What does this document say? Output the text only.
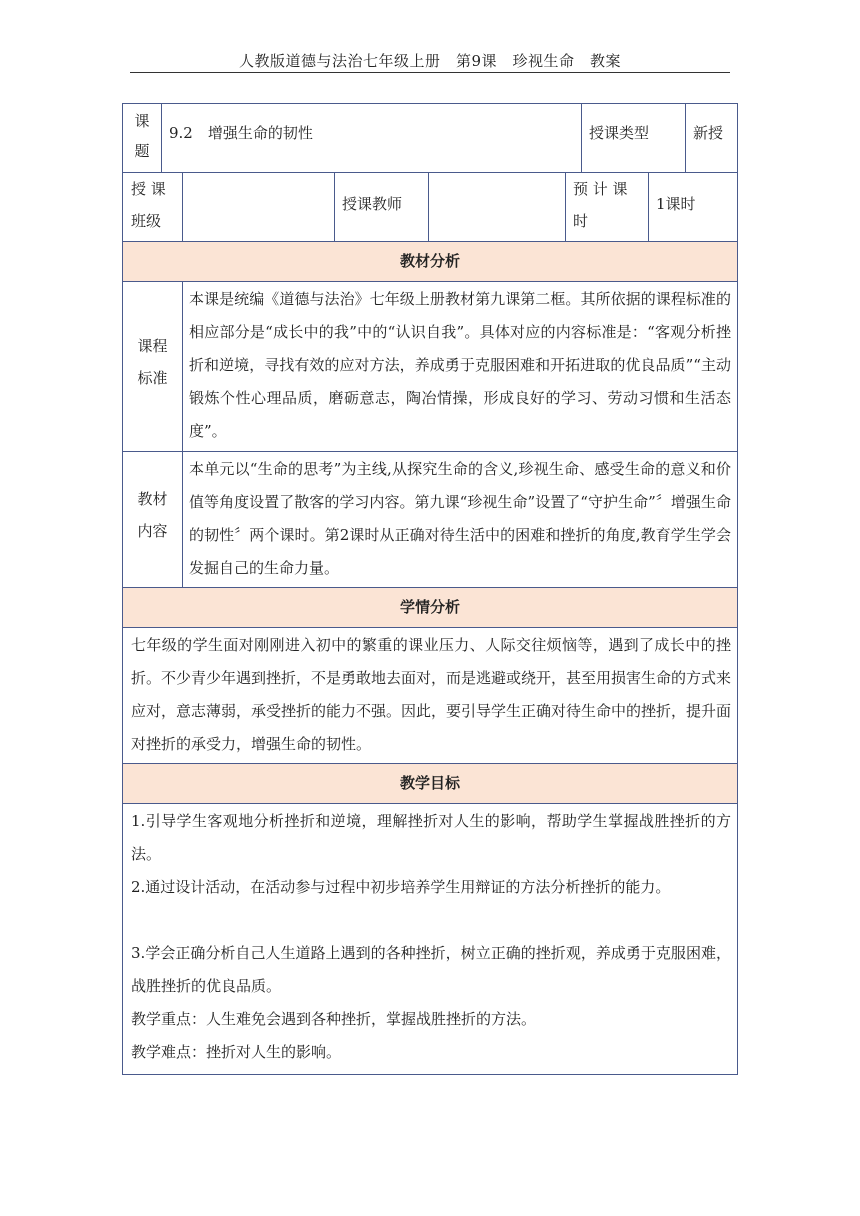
人教版道德与法治七年级上册　第9课　珍视生命　教案
课
题
9.2　增强生命的韧性	授课类型	新授
授 课
班级
授课教师
预 计 课
时
1课时
教材分析
课程
标准
本课是统编《道德与法治》七年级上册教材第九课第二框。其所依据的课程标准的相应部分是“成长中的我”中的“认识自我”。具体对应的内容标准是：“客观分析挫折和逆境，寻找有效的应对方法，养成勇于克服困难和开拓进取的优良品质”“主动锻炼个性心理品质，磨砺意志，陶冶情操，形成良好的学习、劳动习惯和生活态度”。
教材
内容
本单元以“生命的思考”为主线,从探究生命的含义,珍视生命、感受生命的意义和价值等角度设置了散客的学习内容。第九课“珍视生命”设置了“守护生命”〞增强生命的韧性〞两个课时。第2课时从正确对待生活中的困难和挫折的角度,教育学生学会发掘自己的生命力量。
学情分析
七年级的学生面对刚刚进入初中的繁重的课业压力、人际交往烦恼等，遇到了成长中的挫折。不少青少年遇到挫折，不是勇敢地去面对，而是逃避或绕开，甚至用损害生命的方式来应对，意志薄弱，承受挫折的能力不强。因此，要引导学生正确对待生命中的挫折，提升面对挫折的承受力，增强生命的韧性。
教学目标
1.引导学生客观地分析挫折和逆境，理解挫折对人生的影响，帮助学生掌握战胜挫折的方法。
2.通过设计活动，在活动参与过程中初步培养学生用辩证的方法分析挫折的能力。
3.学会正确分析自己人生道路上遇到的各种挫折，树立正确的挫折观，养成勇于克服困难，战胜挫折的优良品质。
教学重点：人生难免会遇到各种挫折，掌握战胜挫折的方法。
教学难点：挫折对人生的影响。
